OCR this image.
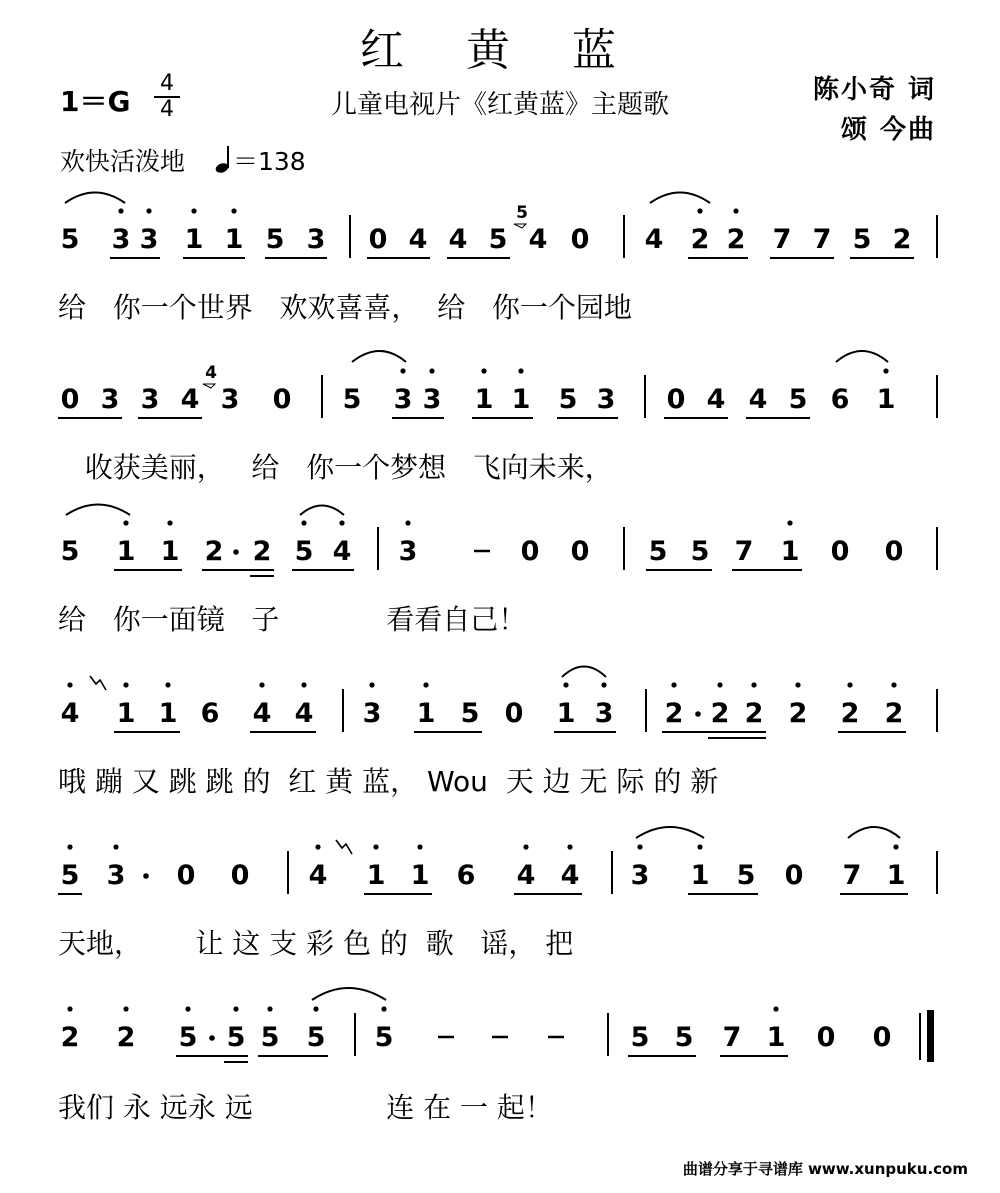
红 黄 蓝
1＝G
4
4	儿童电视片《红黄蓝》主题歌	陈小奇 词
颂 今曲
欢快活泼地 ＝138
5 3 3 1 1 5 3 0 4 4 5
5
4 0 4 2 2 7 7 5 2
0 3 3 4
4
3 0 5 3 3 1 1 5 3 0 4 4 5 6 1
5 1 1 2 2 5 4 3	0 0 5 5 7 1 0 0
4 1 1 6 4 4 3 1 5 0 1 3 2 2 2 2 2 2
5 3 0 0 4 1 1 6 4 4 3 1 5 0 7 1
2 2 5 5 5 5 5	5 5 7 1 0 0
给   你一个世界   欢欢喜喜，  给   你一个园地
收获美丽，   给   你一个梦想   飞向未来，
给   你一面镜   子            看看自己！
哦 蹦 又 跳 跳 的  红 黄 蓝， Wou  天 边 无 际 的 新
天地，      让 这 支 彩 色 的  歌   谣， 把
我们 永 远永 远               连 在 一 起！
曲谱分享于寻谱库 www.xunpuku.com
